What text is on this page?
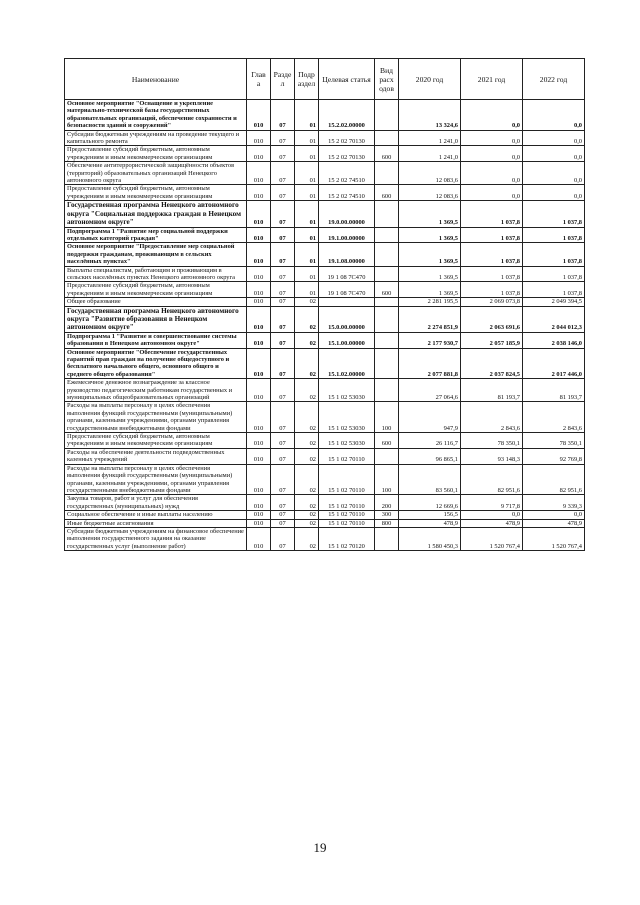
Наименование	Глав а	Разде л	Подр аздел	Целевая статья	Вид расх одов	2020 год	2021 год	2022 год
Основное мероприятие "Оснащение и укрепление материально-технической базы государственных образовательных организаций, обеспечение сохранности и безопасности зданий и сооружений"	010	07	01	15.2.02.00000		13 324,6	0,0	0,0
Субсидии бюджетным учреждениям на проведение текущего и капитального ремонта	010	07	01	15 2 02 70130		1 241,0	0,0	0,0
Предоставление субсидий бюджетным, автономным учреждениям и иным некоммерческим организациям	010	07	01	15 2 02 70130	600	1 241,0	0,0	0,0
Обеспечение антитеррористической защищённости объектов (территорий) образовательных организаций Ненецкого автономного округа	010	07	01	15 2 02 74510		12 083,6	0,0	0,0
Предоставление субсидий бюджетным, автономным учреждениям и иным некоммерческим организациям	010	07	01	15 2 02 74510	600	12 083,6	0,0	0,0
Государственная программа Ненецкого автономного округа "Социальная поддержка граждан в Ненецком автономном округе"	010	07	01	19.0.00.00000		1 369,5	1 037,8	1 037,8
Подпрограмма 1 "Развитие мер социальной поддержки отдельных категорий граждан"	010	07	01	19.1.00.00000		1 369,5	1 037,8	1 037,8
Основное мероприятие "Предоставление мер социальной поддержки гражданам, проживающим в сельских населённых пунктах"	010	07	01	19.1.08.00000		1 369,5	1 037,8	1 037,8
Выплаты специалистам, работающим и проживающим в сельских населённых пунктах Ненецкого автономного округа	010	07	01	19 1 08 7С470		1 369,5	1 037,8	1 037,8
Предоставление субсидий бюджетным, автономным учреждениям и иным некоммерческим организациям	010	07	01	19 1 08 7С470	600	1 369,5	1 037,8	1 037,8
Общее образование	010	07	02			2 281 195,5	2 069 073,8	2 049 394,5
Государственная программа Ненецкого автономного округа "Развитие образования в Ненецком автономном округе"	010	07	02	15.0.00.00000		2 274 851,9	2 063 691,6	2 044 012,3
Подпрограмма 1 "Развитие и совершенствование системы образования в Ненецком автономном округе"	010	07	02	15.1.00.00000		2 177 930,7	2 057 185,9	2 038 146,0
Основное мероприятие "Обеспечение государственных гарантий прав граждан на получение общедоступного и бесплатного начального общего, основного общего и среднего общего образования"	010	07	02	15.1.02.00000		2 077 881,8	2 037 824,5	2 017 446,0
Ежемесячное денежное вознаграждение за классное руководство педагогическим работникам государственных и муниципальных общеобразовательных организаций	010	07	02	15 1 02 53030		27 064,6	81 193,7	81 193,7
Расходы на выплаты персоналу в целях обеспечения выполнения функций государственными (муниципальными) органами, казенными учреждениями, органами управления государственными внебюджетными фондами	010	07	02	15 1 02 53030	100	947,9	2 843,6	2 843,6
Предоставление субсидий бюджетным, автономным учреждениям и иным некоммерческим организациям	010	07	02	15 1 02 53030	600	26 116,7	78 350,1	78 350,1
Расходы на обеспечение деятельности подведомственных казенных учреждений	010	07	02	15 1 02 70110		96 865,1	93 148,3	92 769,8
Расходы на выплаты персоналу в целях обеспечения выполнения функций государственными (муниципальными) органами, казенными учреждениями, органами управления государственными внебюджетными фондами	010	07	02	15 1 02 70110	100	83 560,1	82 951,6	82 951,6
Закупка товаров, работ и услуг для обеспечения государственных (муниципальных) нужд	010	07	02	15 1 02 70110	200	12 669,6	9 717,8	9 339,3
Социальное обеспечение и иные выплаты населению	010	07	02	15 1 02 70110	300	156,5	0,0	0,0
Иные бюджетные ассигнования	010	07	02	15 1 02 70110	800	478,9	478,9	478,9
Субсидии бюджетным учреждениям на финансовое обеспечение выполнения государственного задания на оказание государственных услуг (выполнение работ)	010	07	02	15 1 02 70120		1 580 450,3	1 520 767,4	1 520 767,4
19
